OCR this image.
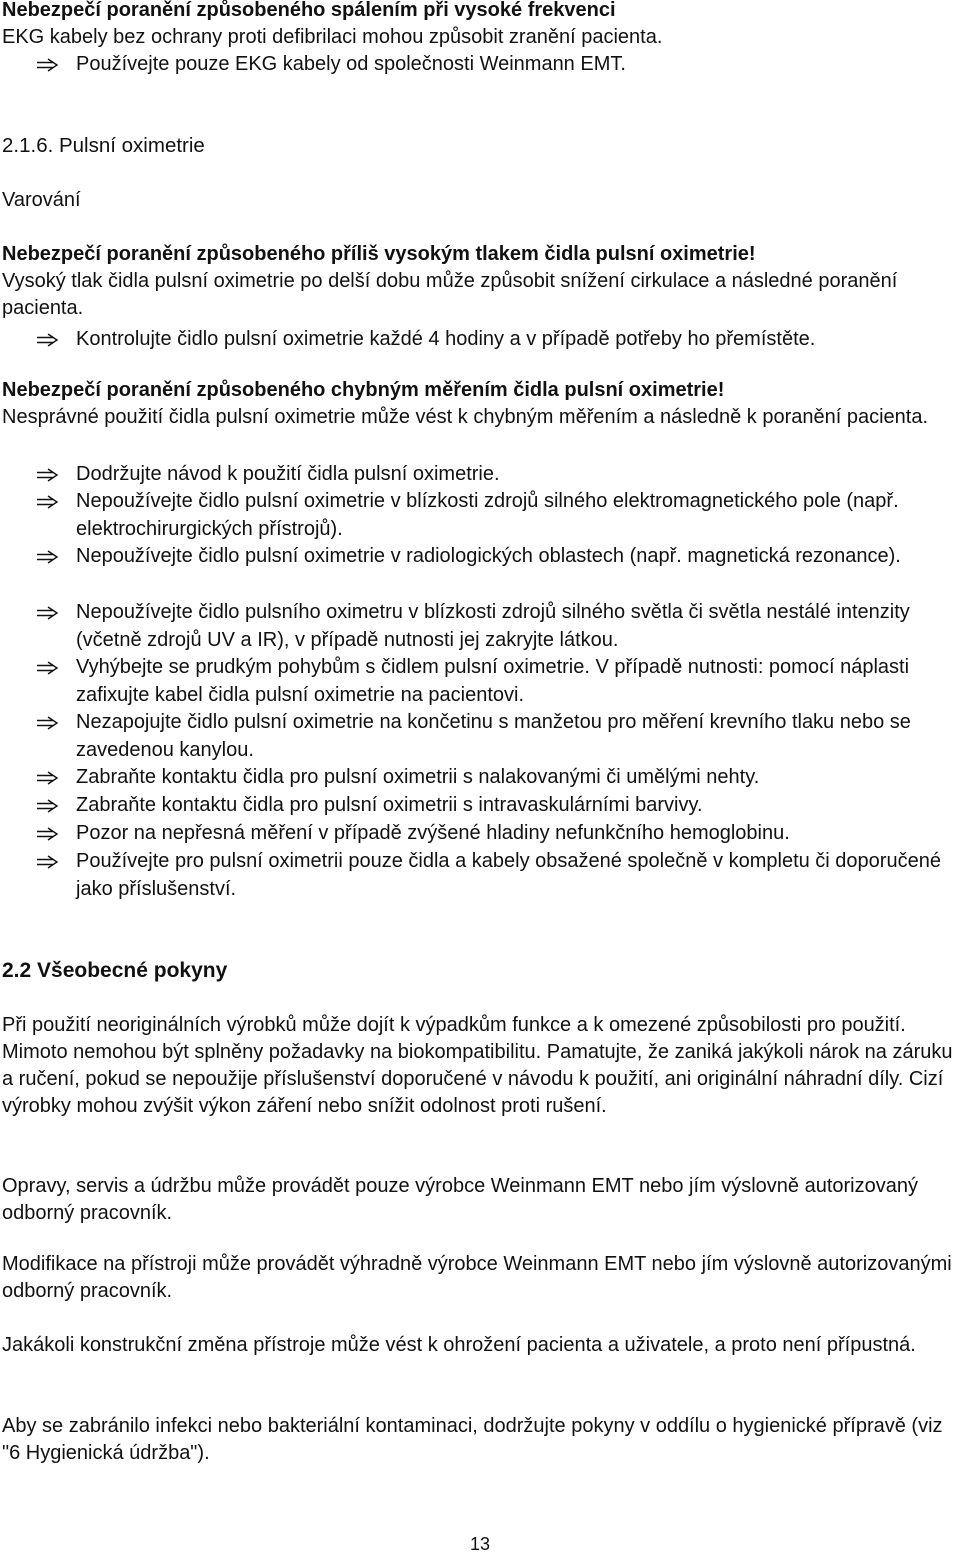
Nebezpečí poranění způsobeného spálením při vysoké frekvenci
EKG kabely bez ochrany proti defibrilaci mohou způsobit zranění pacienta.
Používejte pouze EKG kabely od společnosti Weinmann EMT.
2.1.6. Pulsní oximetrie
Varování
Nebezpečí poranění způsobeného příliš vysokým tlakem čidla pulsní oximetrie!
Vysoký tlak čidla pulsní oximetrie po delší dobu může způsobit snížení cirkulace a následné poranění pacienta.
Kontrolujte čidlo pulsní oximetrie každé 4 hodiny a v případě potřeby ho přemístěte.
Nebezpečí poranění způsobeného chybným měřením čidla pulsní oximetrie!
Nesprávné použití čidla pulsní oximetrie může vést k chybným měřením a následně k poranění pacienta.
Dodržujte návod k použití čidla pulsní oximetrie.
Nepoužívejte čidlo pulsní oximetrie v blízkosti zdrojů silného elektromagnetického pole (např. elektrochirurgických přístrojů).
Nepoužívejte čidlo pulsní oximetrie v radiologických oblastech (např. magnetická rezonance).
Nepoužívejte čidlo pulsního oximetru v blízkosti zdrojů silného světla či světla nestálé intenzity (včetně zdrojů UV a IR), v případě nutnosti jej zakryjte látkou.
Vyhýbejte se prudkým pohybům s čidlem pulsní oximetrie. V případě nutnosti: pomocí náplasti zafixujte kabel čidla pulsní oximetrie na pacientovi.
Nezapojujte čidlo pulsní oximetrie na končetinu s manžetou pro měření krevního tlaku nebo se zavedenou kanylou.
Zabraňte kontaktu čidla pro pulsní oximetrii s nalakovanými či umělými nehty.
Zabraňte kontaktu čidla pro pulsní oximetrii s intravaskulárními barvivy.
Pozor na nepřesná měření v případě zvýšené hladiny nefunkčního hemoglobinu.
Používejte pro pulsní oximetrii pouze čidla a kabely obsažené společně v kompletu či doporučené jako příslušenství.
2.2 Všeobecné pokyny
Při použití neoriginálních výrobků může dojít k výpadkům funkce a k omezené způsobilosti pro použití. Mimoto nemohou být splněny požadavky na biokompatibilitu. Pamatujte, že zaniká jakýkoli nárok na záruku a ručení, pokud se nepoužije příslušenství doporučené v návodu k použití, ani originální náhradní díly. Cizí výrobky mohou zvýšit výkon záření nebo snížit odolnost proti rušení.
Opravy, servis a údržbu může provádět pouze výrobce Weinmann EMT nebo jím výslovně autorizovaný odborný pracovník.
Modifikace na přístroji může provádět výhradně výrobce Weinmann EMT nebo jím výslovně autorizovanými odborný pracovník.
Jakákoli konstrukční změna přístroje může vést k ohrožení pacienta a uživatele, a proto není přípustná.
Aby se zabránilo infekci nebo bakteriální kontaminaci, dodržujte pokyny v oddílu o hygienické přípravě (viz "6 Hygienická údržba").
13
